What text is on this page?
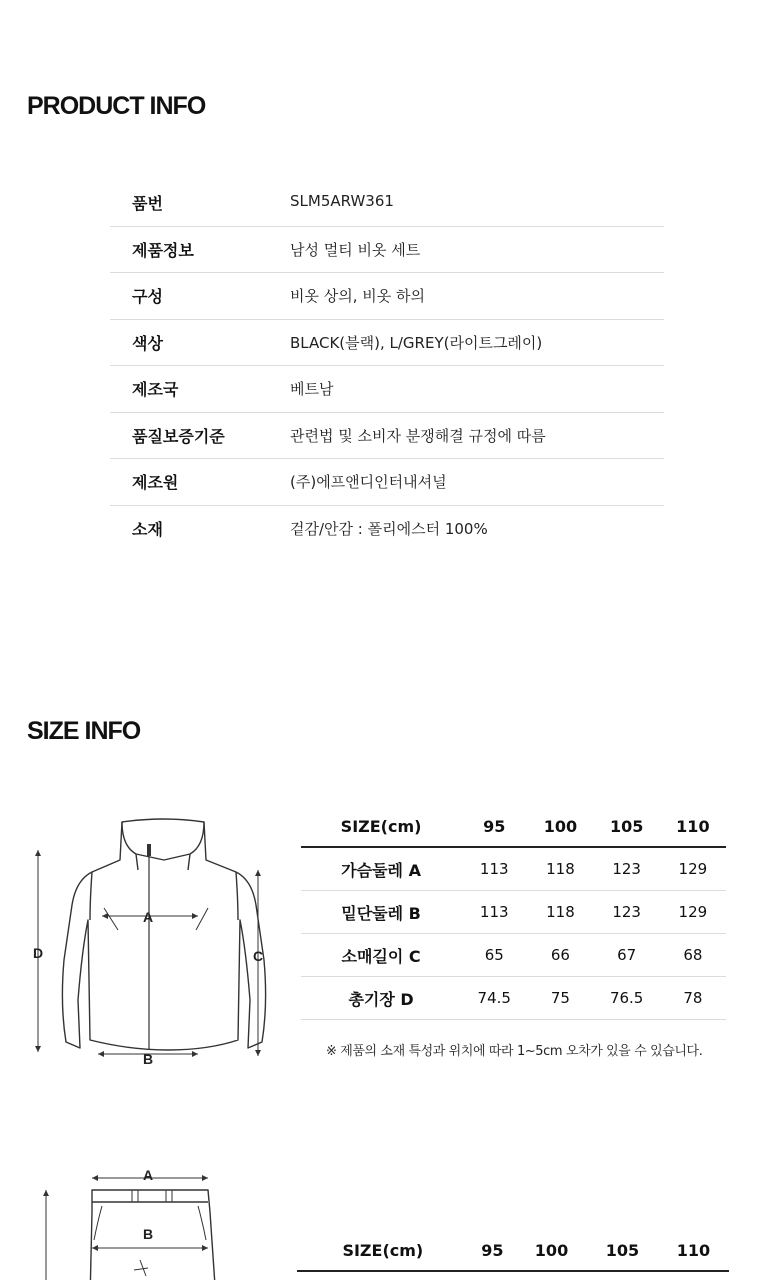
PRODUCT INFO
품번	SLM5ARW361
제품정보	남성 멀티 비옷 세트
구성	비옷 상의, 비옷 하의
색상	BLACK(블랙), L/GREY(라이트그레이)
제조국	베트남
품질보증기준	관련법 및 소비자 분쟁해결 규정에 따름
제조원	(주)에프앤디인터내셔널
소재	겉감/안감 : 폴리에스터 100%
SIZE INFO
A
B
D	C
SIZE(cm)	95	100	105	110
가슴둘레 A	113	118	123	129
밑단둘레 B	113	118	123	129
소매길이 C	65	66	67	68
총기장 D	74.5	75	76.5	78
※ 제품의 소재 특성과 위치에 따라 1~5cm 오차가 있을 수 있습니다.
A
B
SIZE(cm)	95	100	105	110
